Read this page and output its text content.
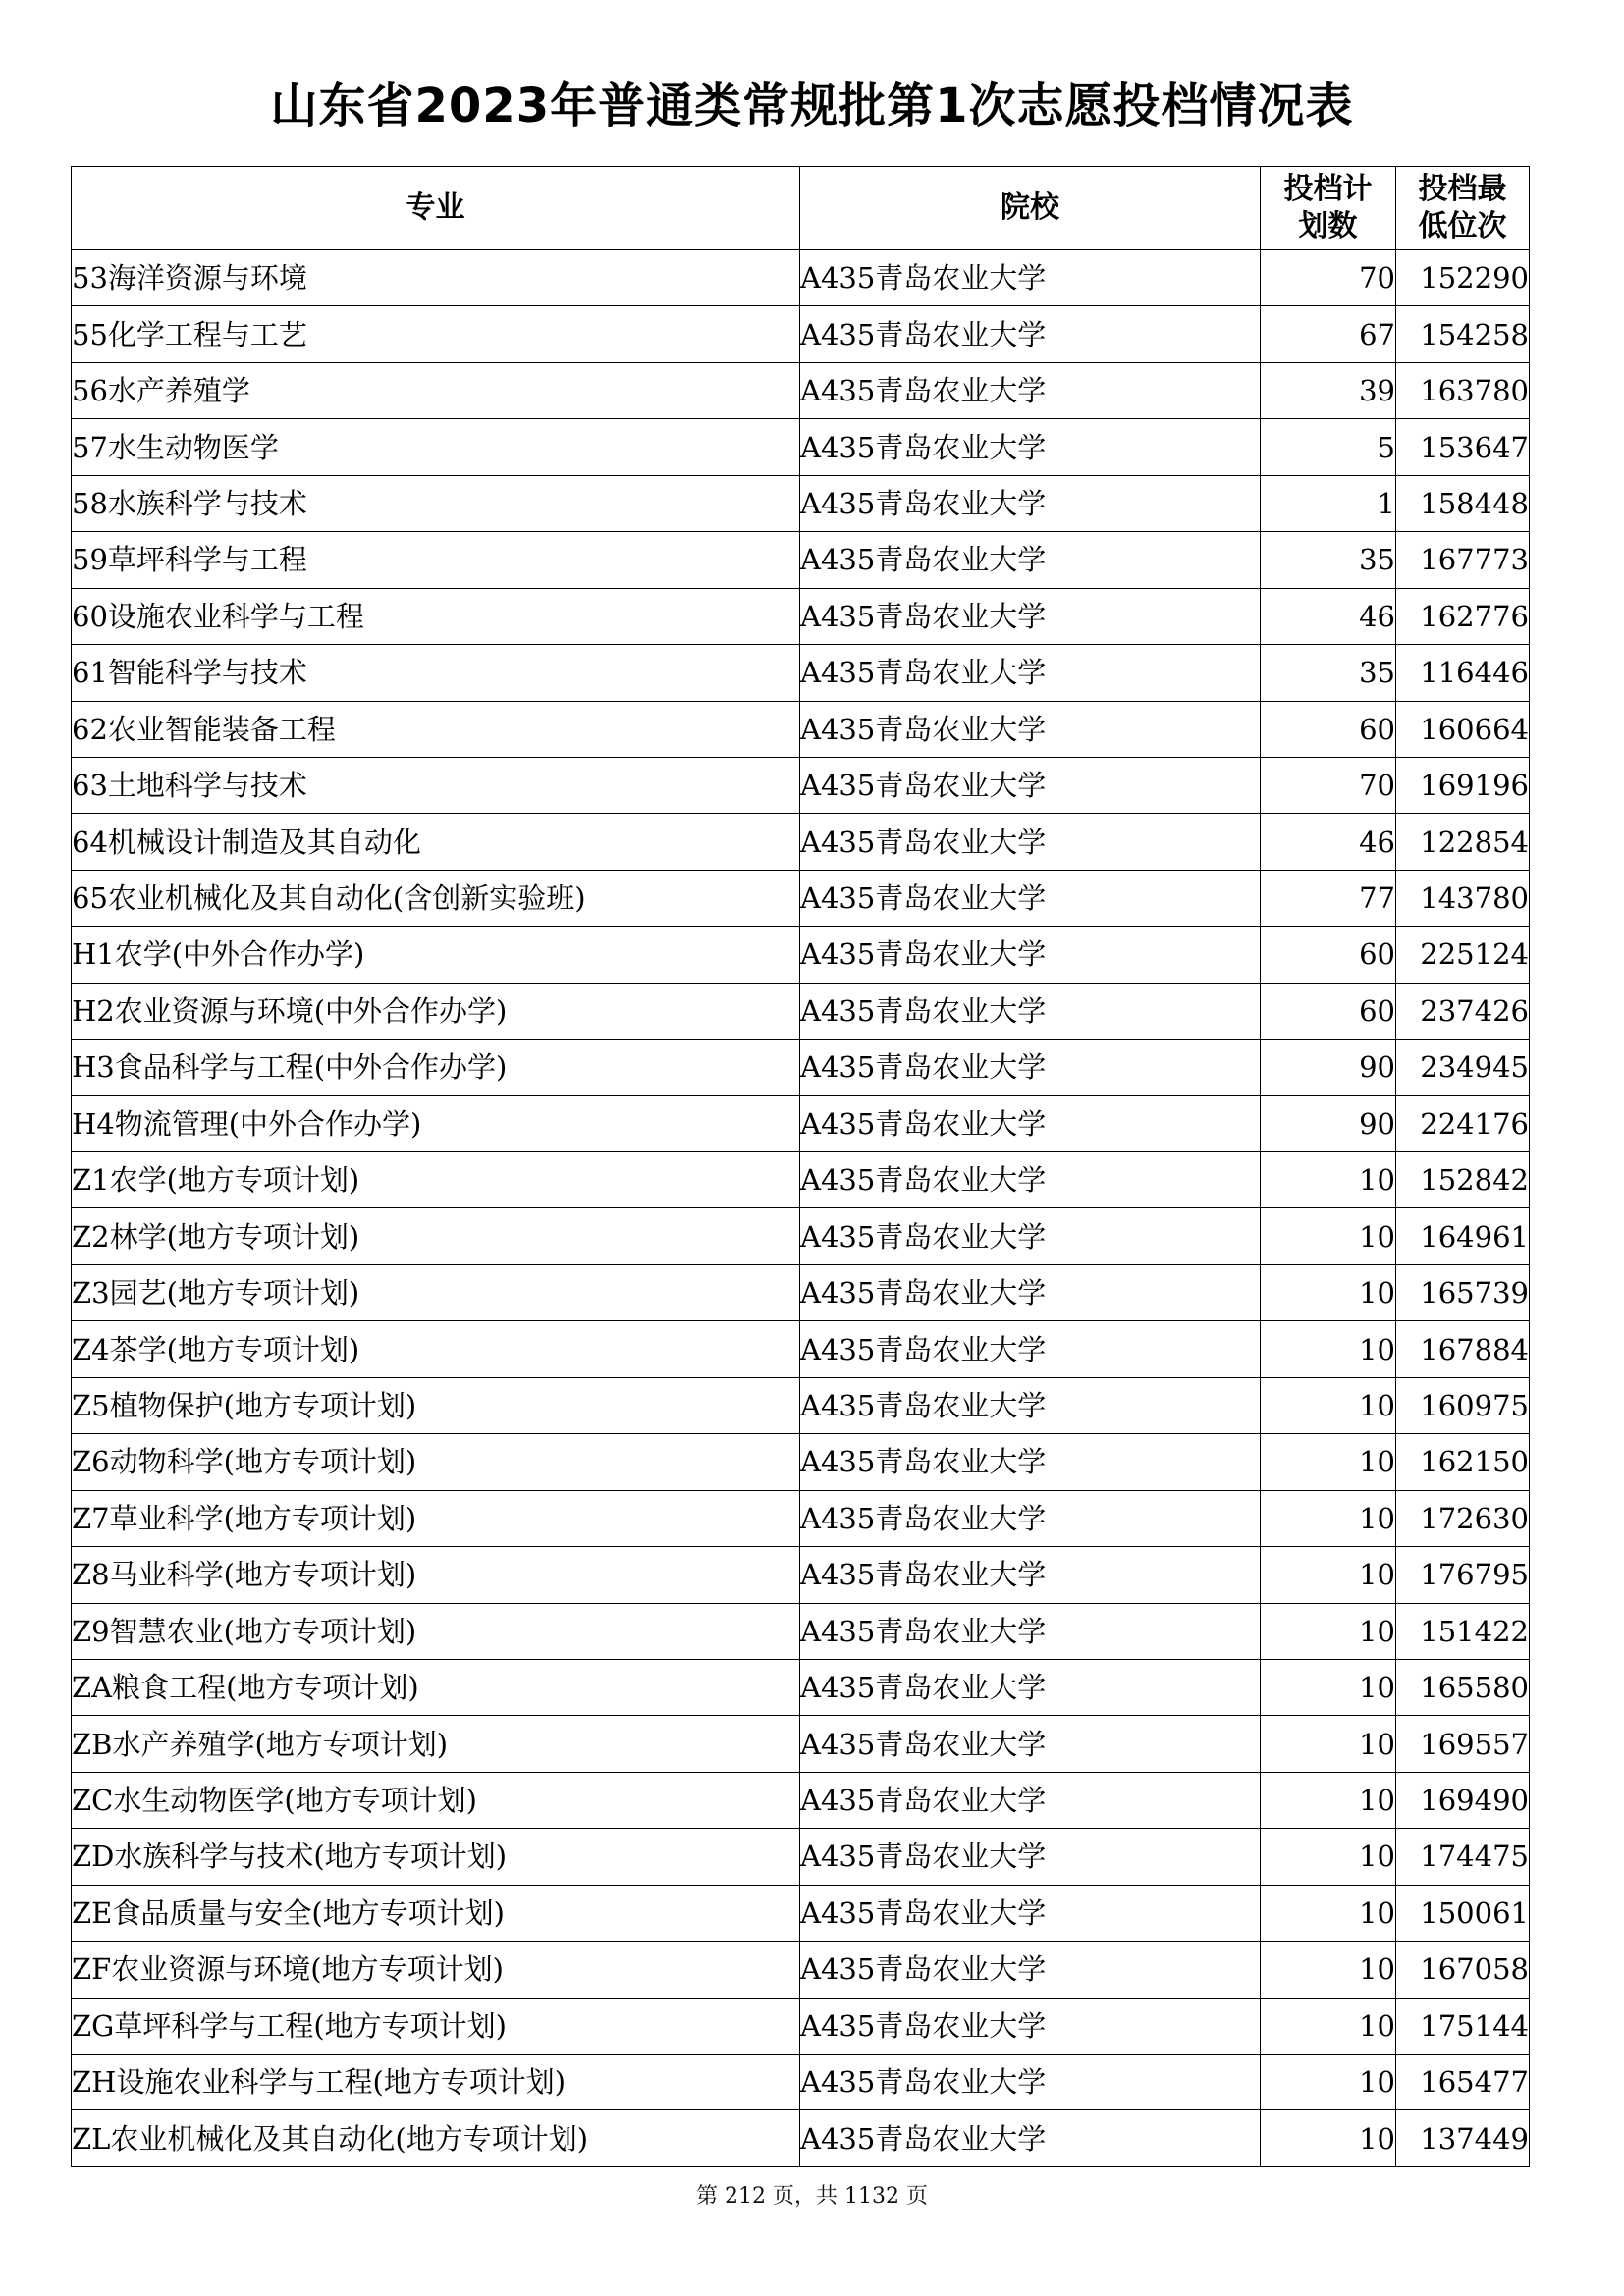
山东省2023年普通类常规批第1次志愿投档情况表
专业	院校	投档计划数	投档最低位次
53海洋资源与环境	A435青岛农业大学	70	152290
55化学工程与工艺	A435青岛农业大学	67	154258
56水产养殖学	A435青岛农业大学	39	163780
57水生动物医学	A435青岛农业大学	5	153647
58水族科学与技术	A435青岛农业大学	1	158448
59草坪科学与工程	A435青岛农业大学	35	167773
60设施农业科学与工程	A435青岛农业大学	46	162776
61智能科学与技术	A435青岛农业大学	35	116446
62农业智能装备工程	A435青岛农业大学	60	160664
63土地科学与技术	A435青岛农业大学	70	169196
64机械设计制造及其自动化	A435青岛农业大学	46	122854
65农业机械化及其自动化(含创新实验班)	A435青岛农业大学	77	143780
H1农学(中外合作办学)	A435青岛农业大学	60	225124
H2农业资源与环境(中外合作办学)	A435青岛农业大学	60	237426
H3食品科学与工程(中外合作办学)	A435青岛农业大学	90	234945
H4物流管理(中外合作办学)	A435青岛农业大学	90	224176
Z1农学(地方专项计划)	A435青岛农业大学	10	152842
Z2林学(地方专项计划)	A435青岛农业大学	10	164961
Z3园艺(地方专项计划)	A435青岛农业大学	10	165739
Z4茶学(地方专项计划)	A435青岛农业大学	10	167884
Z5植物保护(地方专项计划)	A435青岛农业大学	10	160975
Z6动物科学(地方专项计划)	A435青岛农业大学	10	162150
Z7草业科学(地方专项计划)	A435青岛农业大学	10	172630
Z8马业科学(地方专项计划)	A435青岛农业大学	10	176795
Z9智慧农业(地方专项计划)	A435青岛农业大学	10	151422
ZA粮食工程(地方专项计划)	A435青岛农业大学	10	165580
ZB水产养殖学(地方专项计划)	A435青岛农业大学	10	169557
ZC水生动物医学(地方专项计划)	A435青岛农业大学	10	169490
ZD水族科学与技术(地方专项计划)	A435青岛农业大学	10	174475
ZE食品质量与安全(地方专项计划)	A435青岛农业大学	10	150061
ZF农业资源与环境(地方专项计划)	A435青岛农业大学	10	167058
ZG草坪科学与工程(地方专项计划)	A435青岛农业大学	10	175144
ZH设施农业科学与工程(地方专项计划)	A435青岛农业大学	10	165477
ZL农业机械化及其自动化(地方专项计划)	A435青岛农业大学	10	137449
第 212 页，共 1132 页
